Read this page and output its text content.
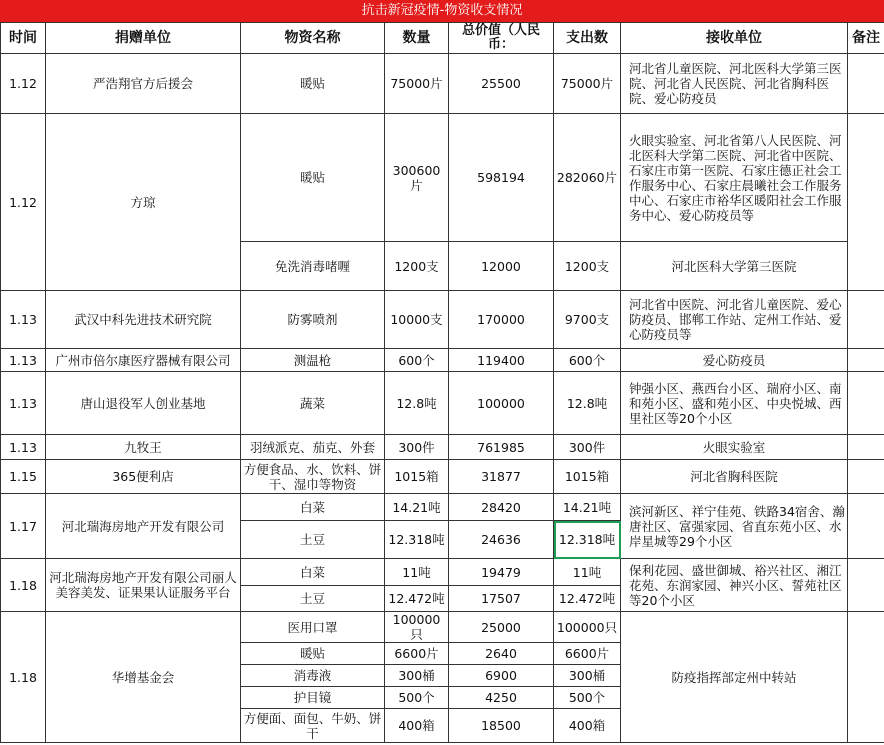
抗击新冠疫情-物资收支情况
时间	捐赠单位	物资名称	数量	总价值（人民币：	支出数	接收单位	备注
1.12	严浩翔官方后援会	暖贴	75000片	25500	75000片	河北省儿童医院、河北医科大学第三医院、河北省人民医院、河北省胸科医院、爱心防疫员	
1.12	方琼	暖贴	300600片	598194	282060片	火眼实验室、河北省第八人民医院、河北医科大学第二医院、河北省中医院、石家庄市第一医院、石家庄德正社会工作服务中心、石家庄晨曦社会工作服务中心、石家庄市裕华区暖阳社会工作服务中心、爱心防疫员等	
		免洗消毒啫喱	1200支	12000	1200支	河北医科大学第三医院	
1.13	武汉中科先进技术研究院	防雾喷剂	10000支	170000	9700支	河北省中医院、河北省儿童医院、爱心防疫员、邯郸工作站、定州工作站、爱心防疫员等	
1.13	广州市倍尔康医疗器械有限公司	测温枪	600个	119400	600个	爱心防疫员	
1.13	唐山退役军人创业基地	蔬菜	12.8吨	100000	12.8吨	钟强小区、燕西台小区、瑞府小区、南和苑小区、盛和苑小区、中央悦城、西里社区等20个小区	
1.13	九牧王	羽绒派克、茄克、外套	300件	761985	300件	火眼实验室	
1.15	365便利店	方便食品、水、饮料、饼干、湿巾等物资	1015箱	31877	1015箱	河北省胸科医院	
1.17	河北瑞海房地产开发有限公司	白菜	14.21吨	28420	14.21吨	滨河新区、祥宁佳苑、铁路34宿舍、瀚唐社区、富强家园、省直东苑小区、水岸星城等29个小区	
		土豆	12.318吨	24636	12.318吨		
1.18	河北瑞海房地产开发有限公司丽人美容美发、证果果认证服务平台	白菜	11吨	19479	11吨	保利花园、盛世御城、裕兴社区、湘江花苑、东润家园、神兴小区、誓苑社区等20个小区	
		土豆	12.472吨	17507	12.472吨		
1.18	华增基金会	医用口罩	100000只	25000	100000只	防疫指挥部定州中转站	
		暖贴	6600片	2640	6600片		
		消毒液	300桶	6900	300桶		
		护目镜	500个	4250	500个		
		方便面、面包、牛奶、饼干	400箱	18500	400箱		
